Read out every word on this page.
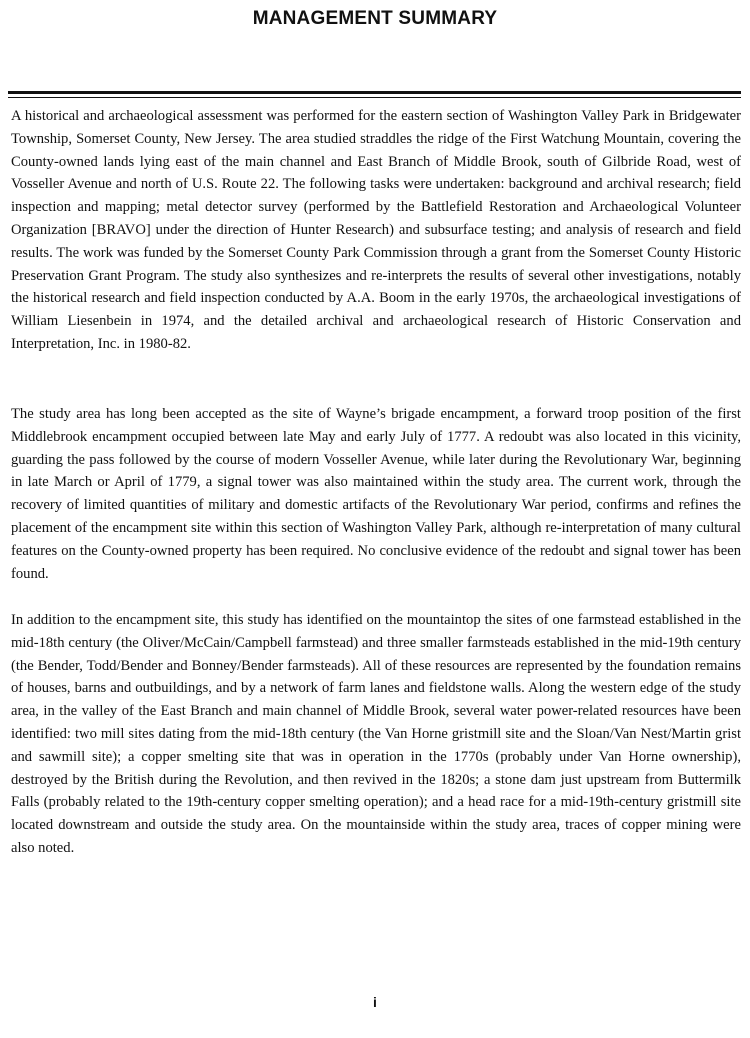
MANAGEMENT SUMMARY

A historical and archaeological assessment was performed for the eastern section of Washington Valley Park in Bridgewater Township, Somerset County, New Jersey. The area studied straddles the ridge of the First Watchung Mountain, covering the County-owned lands lying east of the main channel and East Branch of Middle Brook, south of Gilbride Road, west of Vosseller Avenue and north of U.S. Route 22. The following tasks were undertaken: background and archival research; field inspection and mapping; metal detector survey (performed by the Battlefield Restoration and Archaeological Volunteer Organization [BRAVO] under the direction of Hunter Research) and subsurface testing; and analysis of research and field results. The work was funded by the Somerset County Park Commission through a grant from the Somerset County Historic Preservation Grant Program. The study also synthesizes and re-interprets the results of several other investigations, notably the historical research and field inspection conducted by A.A. Boom in the early 1970s, the archaeological investigations of William Liesenbein in 1974, and the detailed archival and archaeological research of Historic Conservation and Interpretation, Inc. in 1980-82.

The study area has long been accepted as the site of Wayne’s brigade encampment, a forward troop position of the first Middlebrook encampment occupied between late May and early July of 1777. A redoubt was also located in this vicinity, guarding the pass followed by the course of modern Vosseller Avenue, while later during the Revolutionary War, beginning in late March or April of 1779, a signal tower was also maintained within the study area. The current work, through the recovery of limited quantities of military and domestic artifacts of the Revolutionary War period, confirms and refines the placement of the encampment site within this section of Washington Valley Park, although re-interpretation of many cultural features on the County-owned property has been required. No conclusive evidence of the redoubt and signal tower has been found.

In addition to the encampment site, this study has identified on the mountaintop the sites of one farmstead established in the mid-18th century (the Oliver/McCain/Campbell farmstead) and three smaller farmsteads established in the mid-19th century (the Bender, Todd/Bender and Bonney/Bender farmsteads). All of these resources are represented by the foundation remains of houses, barns and outbuildings, and by a network of farm lanes and fieldstone walls. Along the western edge of the study area, in the valley of the East Branch and main channel of Middle Brook, several water power-related resources have been identified: two mill sites dating from the mid-18th century (the Van Horne gristmill site and the Sloan/Van Nest/Martin grist and sawmill site); a copper smelting site that was in operation in the 1770s (probably under Van Horne ownership), destroyed by the British during the Revolution, and then revived in the 1820s; a stone dam just upstream from Buttermilk Falls (probably related to the 19th-century copper smelting operation); and a head race for a mid-19th-century gristmill site located downstream and outside the study area. On the mountainside within the study area, traces of copper mining were also noted.

i
